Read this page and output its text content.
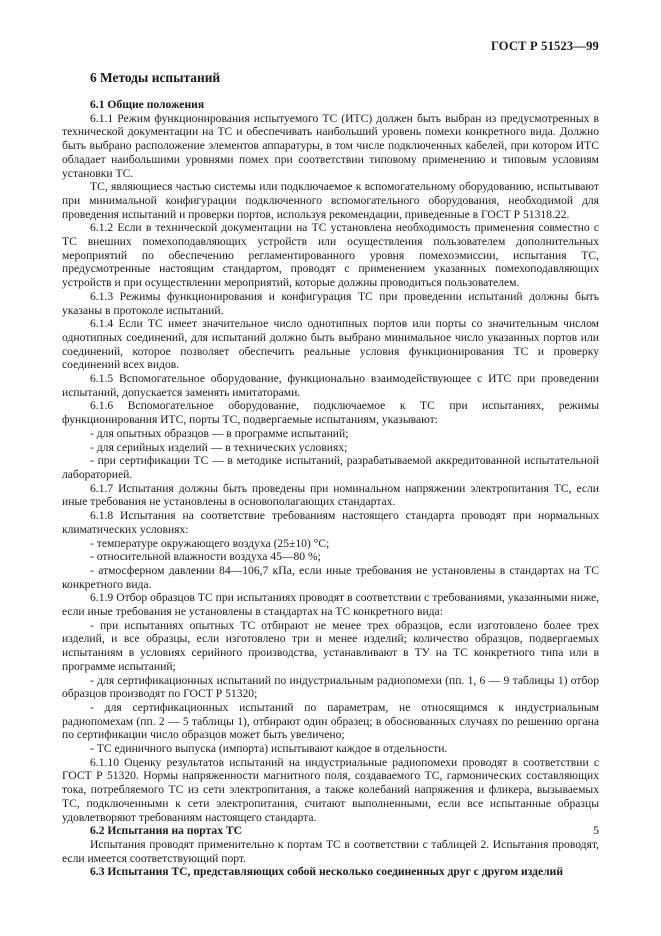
ГОСТ Р 51523—99
6 Методы испытаний
6.1 Общие положения

6.1.1 Режим функционирования испытуемого ТС (ИТС) должен быть выбран из предусмотренных в технической документации на ТС и обеспечивать наибольший уровень помехи конкретного вида. Должно быть выбрано расположение элементов аппаратуры, в том числе подключенных кабелей, при котором ИТС обладает наибольшими уровнями помех при соответствии типовому применению и типовым условиям установки ТС.

ТС, являющиеся частью системы или подключаемое к вспомогательному оборудованию, испытывают при минимальной конфигурации подключенного вспомогательного оборудования, необходимой для проведения испытаний и проверки портов, используя рекомендации, приведенные в ГОСТ Р 51318.22.

6.1.2 Если в технической документации на ТС установлена необходимость применения совместно с ТС внешних помехоподавляющих устройств или осуществления пользователем дополнительных мероприятий по обеспечению регламентированного уровня помехоэмиссии, испытания ТС, предусмотренные настоящим стандартом, проводят с применением указанных помехоподавляющих устройств и при осуществлении мероприятий, которые должны проводиться пользователем.

6.1.3 Режимы функционирования и конфигурация ТС при проведении испытаний должны быть указаны в протоколе испытаний.

6.1.4 Если ТС имеет значительное число однотипных портов или порты со значительным числом однотипных соединений, для испытаний должно быть выбрано минимальное число указанных портов или соединений, которое позволяет обеспечить реальные условия функционирования ТС и проверку соединений всех видов.

6.1.5 Вспомогательное оборудование, функционально взаимодействующее с ИТС при проведении испытаний, допускается заменять имитаторами.

6.1.6 Вспомогательное оборудование, подключаемое к ТС при испытаниях, режимы функционирования ИТС, порты ТС, подвергаемые испытаниям, указывают:

- для опытных образцов — в программе испытаний;

- для серийных изделий — в технических условиях;

- при сертификации ТС — в методике испытаний, разрабатываемой аккредитованной испытательной лабораторией.

6.1.7 Испытания должны быть проведены при номинальном напряжении электропитания ТС, если иные требования не установлены в основополагающих стандартах.

6.1.8 Испытания на соответствие требованиям настоящего стандарта проводят при нормальных климатических условиях:

- температуре окружающего воздуха (25±10) °С;

- относительной влажности воздуха 45—80 %;

- атмосферном давлении 84—106,7 кПа, если иные требования не установлены в стандартах на ТС конкретного вида.

6.1.9 Отбор образцов ТС при испытаниях проводят в соответствии с требованиями, указанными ниже, если иные требования не установлены в стандартах на ТС конкретного вида:

- при испытаниях опытных ТС отбирают не менее трех образцов, если изготовлено более трех изделий, и все образцы, если изготовлено три и менее изделий; количество образцов, подвергаемых испытаниям в условиях серийного производства, устанавливают в ТУ на ТС конкретного типа или в программе испытаний;

- для сертификационных испытаний по индустриальным радиопомехи (пп. 1, 6 — 9 таблицы 1) отбор образцов производят по ГОСТ Р 51320;

- для сертификационных испытаний по параметрам, не относящимся к индустриальным радиопомехам (пп. 2 — 5 таблицы 1), отбирают один образец; в обоснованных случаях по решению органа по сертификации число образцов может быть увеличено;

- ТС единичного выпуска (импорта) испытывают каждое в отдельности.

6.1.10 Оценку результатов испытаний на индустриальные радиопомехи проводят в соответствии с ГОСТ Р 51320. Нормы напряженности магнитного поля, создаваемого ТС, гармонических составляющих тока, потребляемого ТС из сети электропитания, а также колебаний напряжения и фликера, вызываемых ТС, подключенными к сети электропитания, считают выполненными, если все испытанные образцы удовлетворяют требованиям настоящего стандарта.

6.2 Испытания на портах ТС

Испытания проводят применительно к портам ТС в соответствии с таблицей 2. Испытания проводят, если имеется соответствующий порт.

6.3 Испытания ТС, представляющих собой несколько соединенных друг с другом изделий
5
